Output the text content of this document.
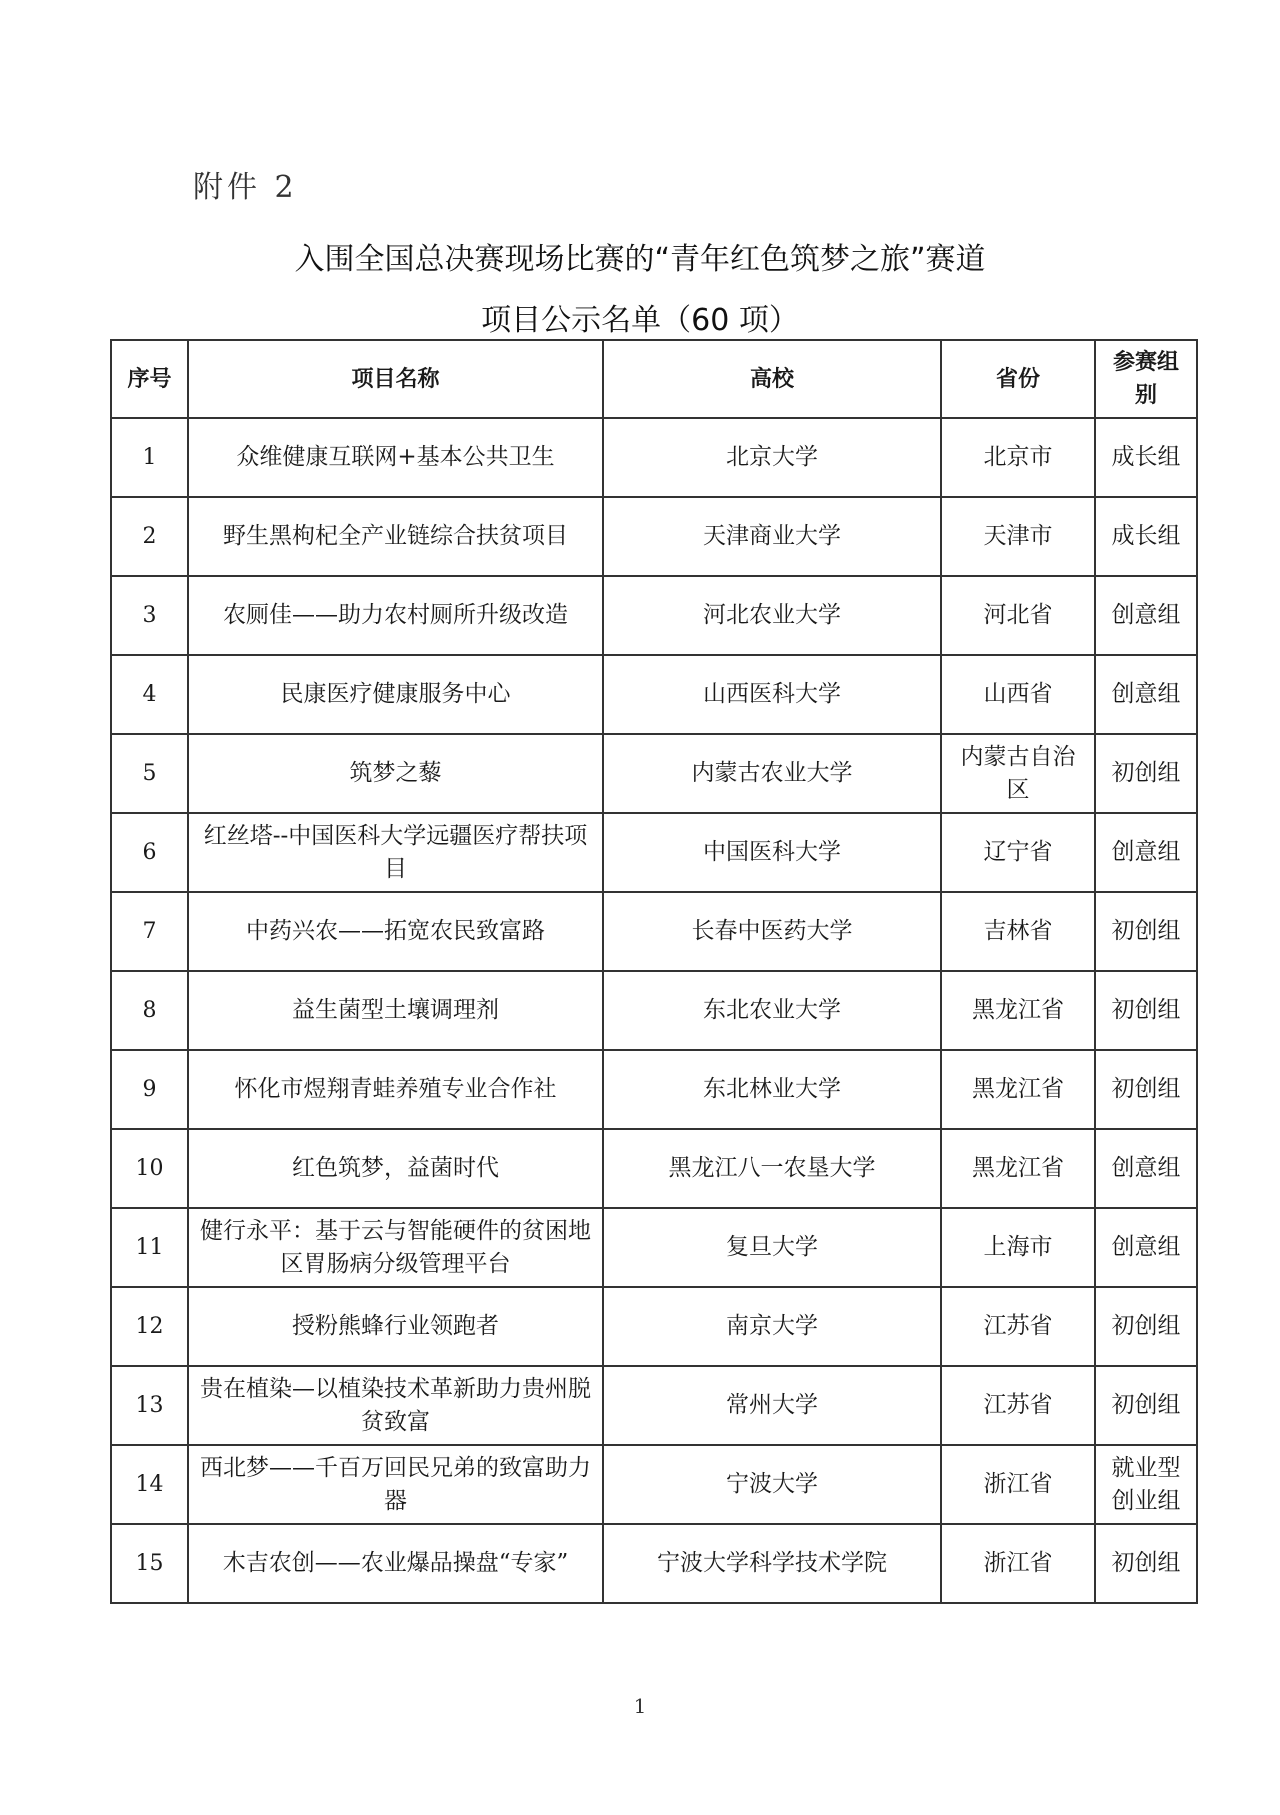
附件 2
入围全国总决赛现场比赛的“青年红色筑梦之旅”赛道
项目公示名单（60 项）
序号	项目名称	高校	省份	参赛组别
1	众维健康互联网+基本公共卫生	北京大学	北京市	成长组
2	野生黑枸杞全产业链综合扶贫项目	天津商业大学	天津市	成长组
3	农厕佳——助力农村厕所升级改造	河北农业大学	河北省	创意组
4	民康医疗健康服务中心	山西医科大学	山西省	创意组
5	筑梦之藜	内蒙古农业大学	内蒙古自治区	初创组
6	红丝塔--中国医科大学远疆医疗帮扶项目	中国医科大学	辽宁省	创意组
7	中药兴农——拓宽农民致富路	长春中医药大学	吉林省	初创组
8	益生菌型土壤调理剂	东北农业大学	黑龙江省	初创组
9	怀化市煜翔青蛙养殖专业合作社	东北林业大学	黑龙江省	初创组
10	红色筑梦，益菌时代	黑龙江八一农垦大学	黑龙江省	创意组
11	健行永平：基于云与智能硬件的贫困地区胃肠病分级管理平台	复旦大学	上海市	创意组
12	授粉熊蜂行业领跑者	南京大学	江苏省	初创组
13	贵在植染—以植染技术革新助力贵州脱贫致富	常州大学	江苏省	初创组
14	西北梦——千百万回民兄弟的致富助力器	宁波大学	浙江省	就业型创业组
15	木吉农创——农业爆品操盘“专家”	宁波大学科学技术学院	浙江省	初创组
1
